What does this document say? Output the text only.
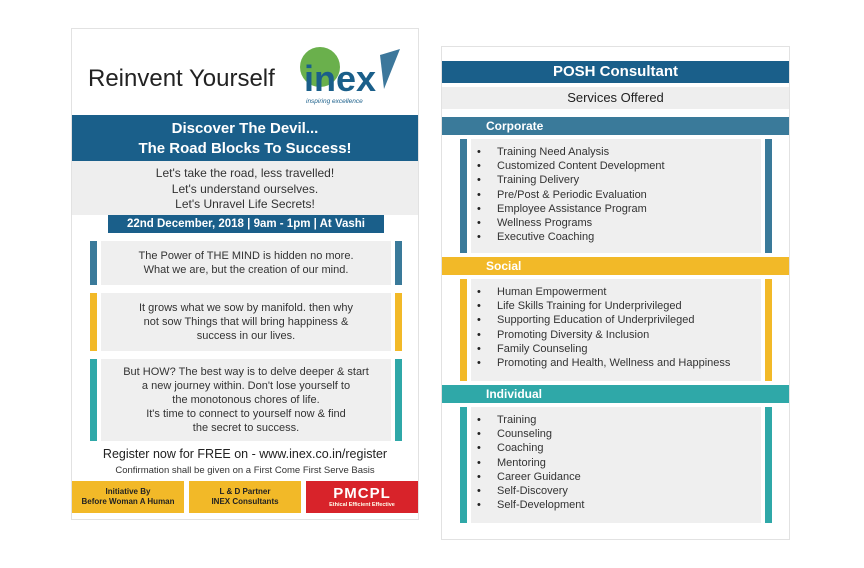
Reinvent Yourself inex
inspiring excellence
Discover The Devil...
The Road Blocks To Success!
Let's take the road, less travelled!
Let's understand ourselves.
Let's Unravel Life Secrets!
22nd December, 2018 | 9am - 1pm | At Vashi
The Power of THE MIND is hidden no more.
What we are, but the creation of our mind.
It grows what we sow by manifold. then why
not sow Things that will bring happiness &
success in our lives.
But HOW? The best way is to delve deeper & start
a new journey within. Don't lose yourself to
the monotonous chores of life.
It's time to connect to yourself now & find
the secret to success.
Register now for FREE on - www.inex.co.in/register
Confirmation shall be given on a First Come First Serve Basis
Initiative By
Before Woman A Human
L & D Partner
INEX Consultants	PMCPL
Ethical Efficient Effective
POSH Consultant
Services Offered
Corporate
• Training Need Analysis
• Customized Content Development
• Training Delivery
• Pre/Post & Periodic Evaluation
• Employee Assistance Program
• Wellness Programs
• Executive Coaching
Social
• Human Empowerment
• Life Skills Training for Underprivileged
• Supporting Education of Underprivileged
• Promoting Diversity & Inclusion
• Family Counseling
• Promoting and Health, Wellness and Happiness
Individual
• Training
• Counseling
• Coaching
• Mentoring
• Career Guidance
• Self-Discovery
• Self-Development
